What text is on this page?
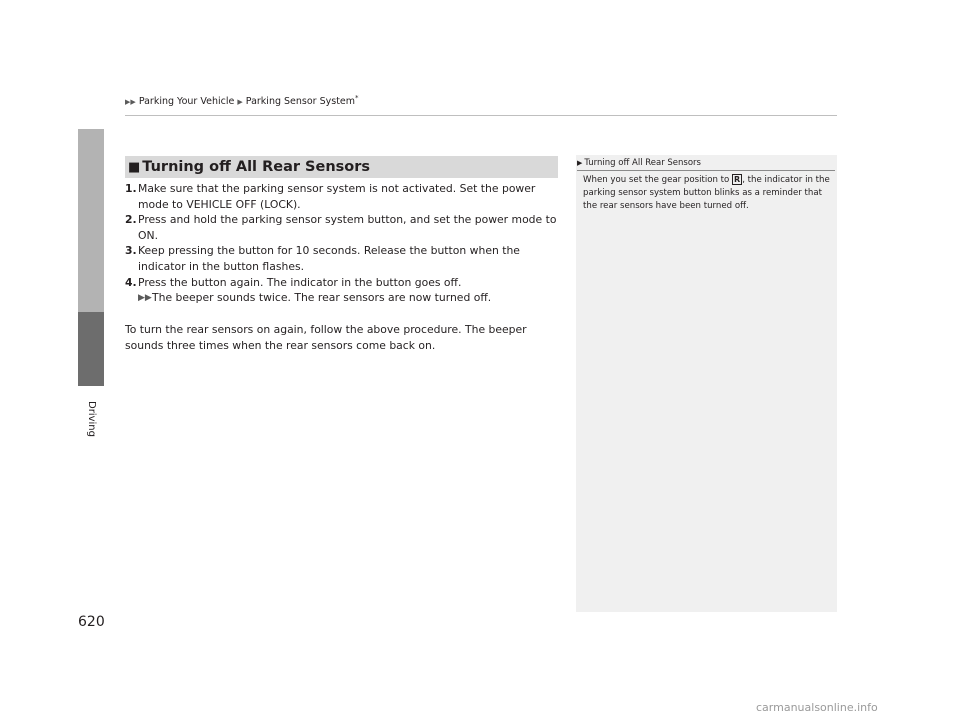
▶▶ Parking Your Vehicle ▶ Parking Sensor System*
Driving
620
■ Turning off All Rear Sensors
1. Make sure that the parking sensor system is not activated. Set the power mode to VEHICLE OFF (LOCK).
2. Press and hold the parking sensor system button, and set the power mode to ON.
3. Keep pressing the button for 10 seconds. Release the button when the indicator in the button flashes.
4. Press the button again. The indicator in the button goes off.
▶▶ The beeper sounds twice. The rear sensors are now turned off.
To turn the rear sensors on again, follow the above procedure. The beeper sounds three times when the rear sensors come back on.
▶ Turning off All Rear Sensors
When you set the gear position to R , the indicator in the parking sensor system button blinks as a reminder that the rear sensors have been turned off.
carmanualsonline.info
